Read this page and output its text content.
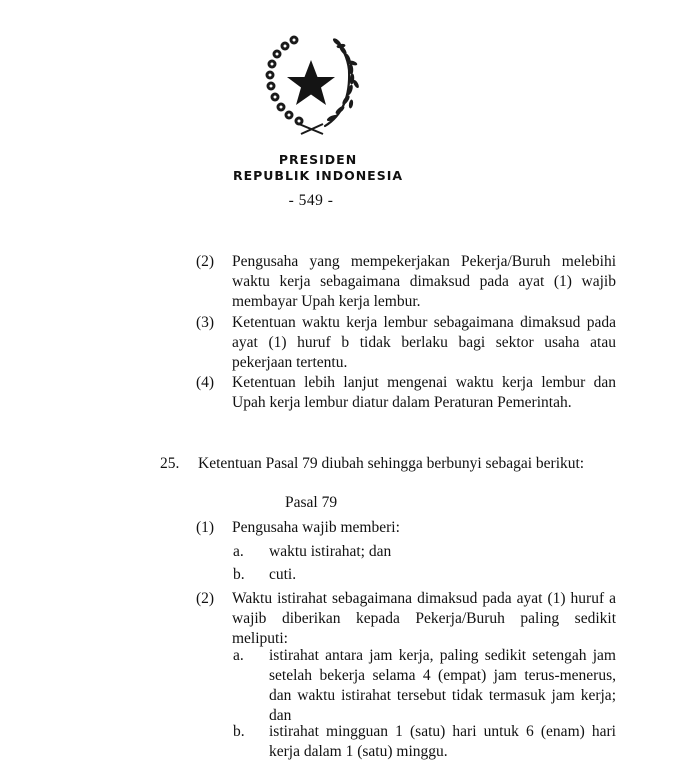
PRESIDEN
REPUBLIK INDONESIA
- 549 -
(2) Pengusaha yang mempekerjakan Pekerja/Buruh melebihi waktu kerja sebagaimana dimaksud pada ayat (1) wajib membayar Upah kerja lembur.
(3) Ketentuan waktu kerja lembur sebagaimana dimaksud pada ayat (1) huruf b tidak berlaku bagi sektor usaha atau pekerjaan tertentu.
(4) Ketentuan lebih lanjut mengenai waktu kerja lembur dan Upah kerja lembur diatur dalam Peraturan Pemerintah.
25. Ketentuan Pasal 79 diubah sehingga berbunyi sebagai berikut:
Pasal 79
(1) Pengusaha wajib memberi:
a. waktu istirahat; dan
b. cuti.
(2) Waktu istirahat sebagaimana dimaksud pada ayat (1) huruf a wajib diberikan kepada Pekerja/Buruh paling sedikit meliputi:
a. istirahat antara jam kerja, paling sedikit setengah jam setelah bekerja selama 4 (empat) jam terus-menerus, dan waktu istirahat tersebut tidak termasuk jam kerja; dan
b. istirahat mingguan 1 (satu) hari untuk 6 (enam) hari kerja dalam 1 (satu) minggu.
